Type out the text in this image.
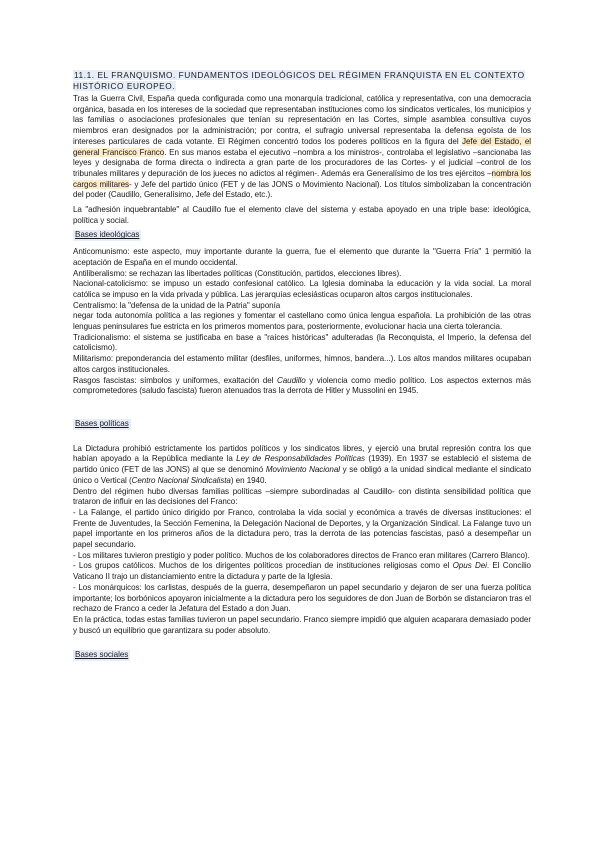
11.1. EL FRANQUISMO. FUNDAMENTOS IDEOLÓGICOS DEL RÉGIMEN FRANQUISTA EN EL CONTEXTO HISTÓRICO EUROPEO.

Tras la Guerra Civil, España queda configurada como una monarquía tradicional, católica y representativa, con una democracia orgánica, basada en los intereses de la sociedad que representaban instituciones como los sindicatos verticales, los municipios y las familias o asociaciones profesionales que tenían su representación en las Cortes, simple asamblea consultiva cuyos miembros eran designados por la administración; por contra, el sufragio universal representaba la defensa egoísta de los intereses particulares de cada votante. El Régimen concentró todos los poderes políticos en la figura del Jefe del Estado, el general Francisco Franco. En sus manos estaba el ejecutivo –nombra a los ministros-, controlaba el legislativo –sancionaba las leyes y designaba de forma directa o indirecta a gran parte de los procuradores de las Cortes- y el judicial –control de los tribunales militares y depuración de los jueces no adictos al régimen-. Además era Generalísimo de los tres ejércitos –nombra los cargos militares- y Jefe del partido único (FET y de las JONS o Movimiento Nacional). Los títulos simbolizaban la concentración del poder (Caudillo, Generalísimo, Jefe del Estado, etc.).

La "adhesión inquebrantable" al Caudillo fue el elemento clave del sistema y estaba apoyado en una triple base: ideológica, política y social.

Bases ideológicas

Anticomunismo: este aspecto, muy importante durante la guerra, fue el elemento que durante la "Guerra Fría" 1 permitió la aceptación de España en el mundo occidental.

Antiliberalismo: se rechazan las libertades políticas (Constitución, partidos, elecciones libres).

Nacional-catolicismo: se impuso un estado confesional católico. La Iglesia dominaba la educación y la vida social. La moral católica se impuso en la vida privada y pública. Las jerarquías eclesiásticas ocuparon altos cargos institucionales.

Centralismo: la "defensa de la unidad de la Patria" suponía

negar toda autonomía política a las regiones y fomentar el castellano como única lengua española. La prohibición de las otras lenguas peninsulares fue estricta en los primeros momentos para, posteriormente, evolucionar hacia una cierta tolerancia.

Tradicionalismo: el sistema se justificaba en base a "raíces históricas" adulteradas (la Reconquista, el Imperio, la defensa del catolicismo).

Militarismo: preponderancia del estamento militar (desfiles, uniformes, himnos, bandera...). Los altos mandos militares ocupaban altos cargos institucionales.

Rasgos fascistas: símbolos y uniformes, exaltación del Caudillo y violencia como medio político. Los aspectos externos más comprometedores (saludo fascista) fueron atenuados tras la derrota de Hitler y Mussolini en 1945.

Bases políticas

La Dictadura prohibió estrictamente los partidos políticos y los sindicatos libres, y ejerció una brutal represión contra los que habían apoyado a la República mediante la Ley de Responsabilidades Políticas (1939). En 1937 se estableció el sistema de partido único (FET de las JONS) al que se denominó Movimiento Nacional y se obligó a la unidad sindical mediante el sindicato único o Vertical (Centro Nacional Sindicalista) en 1940.

Dentro del régimen hubo diversas familias políticas –siempre subordinadas al Caudillo- con distinta sensibilidad política que trataron de influir en las decisiones del Franco:

- La Falange, el partido único dirigido por Franco, controlaba la vida social y económica a través de diversas instituciones: el Frente de Juventudes, la Sección Femenina, la Delegación Nacional de Deportes, y la Organización Sindical. La Falange tuvo un papel importante en los primeros años de la dictadura pero, tras la derrota de las potencias fascistas, pasó a desempeñar un papel secundario.

- Los militares tuvieron prestigio y poder político. Muchos de los colaboradores directos de Franco eran militares (Carrero Blanco).

- Los grupos católicos. Muchos de los dirigentes políticos procedían de instituciones religiosas como el Opus Dei. El Concilio Vaticano II trajo un distanciamiento entre la dictadura y parte de la Iglesia.

- Los monárquicos: los carlistas, después de la guerra, desempeñaron un papel secundario y dejaron de ser una fuerza política importante; los borbónicos apoyaron inicialmente a la dictadura pero los seguidores de don Juan de Borbón se distanciaron tras el rechazo de Franco a ceder la Jefatura del Estado a don Juan.

En la práctica, todas estas familias tuvieron un papel secundario. Franco siempre impidió que alguien acaparara demasiado poder y buscó un equilibrio que garantizara su poder absoluto.

Bases sociales
